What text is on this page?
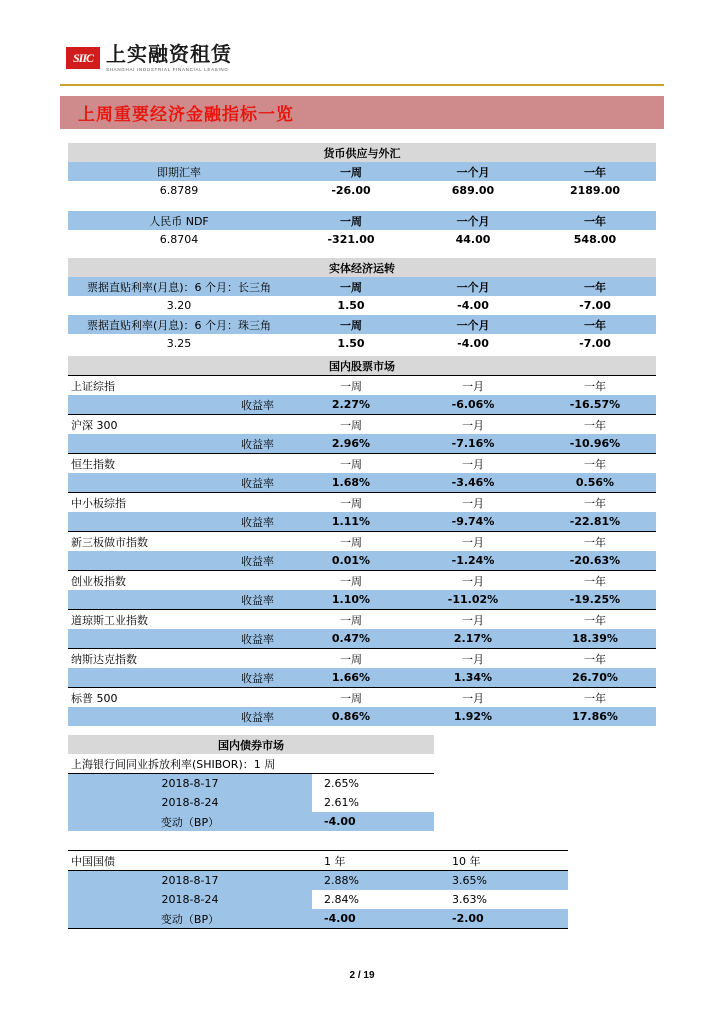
SIIC 上实融资租赁
SHANGHAI INDUSTRIAL FINANCIAL LEASING
上周重要经济金融指标一览
货币供应与外汇			
即期汇率	一周	一个月	一年
6.8789	-26.00	689.00	2189.00

人民币 NDF	一周	一个月	一年
6.8704	-321.00	44.00	548.00
实体经济运转			
票据直贴利率(月息)：6 个月：长三角	一周	一个月	一年
3.20	1.50	-4.00	-7.00
票据直贴利率(月息)：6 个月：珠三角	一周	一个月	一年
3.25	1.50	-4.00	-7.00
国内股票市场			
上证综指	一周	一月	一年
收益率	2.27%	-6.06%	-16.57%
沪深 300	一周	一月	一年
收益率	2.96%	-7.16%	-10.96%
恒生指数	一周	一月	一年
收益率	1.68%	-3.46%	0.56%
中小板综指	一周	一月	一年
收益率	1.11%	-9.74%	-22.81%
新三板做市指数	一周	一月	一年
收益率	0.01%	-1.24%	-20.63%
创业板指数	一周	一月	一年
收益率	1.10%	-11.02%	-19.25%
道琼斯工业指数	一周	一月	一年
收益率	0.47%	2.17%	18.39%
纳斯达克指数	一周	一月	一年
收益率	1.66%	1.34%	26.70%
标普 500	一周	一月	一年
收益率	0.86%	1.92%	17.86%
国内债券市场	
上海银行间同业拆放利率(SHIBOR)：1 周	
2018-8-17	2.65%
2018-8-24	2.61%
变动（BP）	-4.00
中国国债	1 年	10 年
2018-8-17	2.88%	3.65%
2018-8-24	2.84%	3.63%
变动（BP）	-4.00	-2.00
2 / 19
